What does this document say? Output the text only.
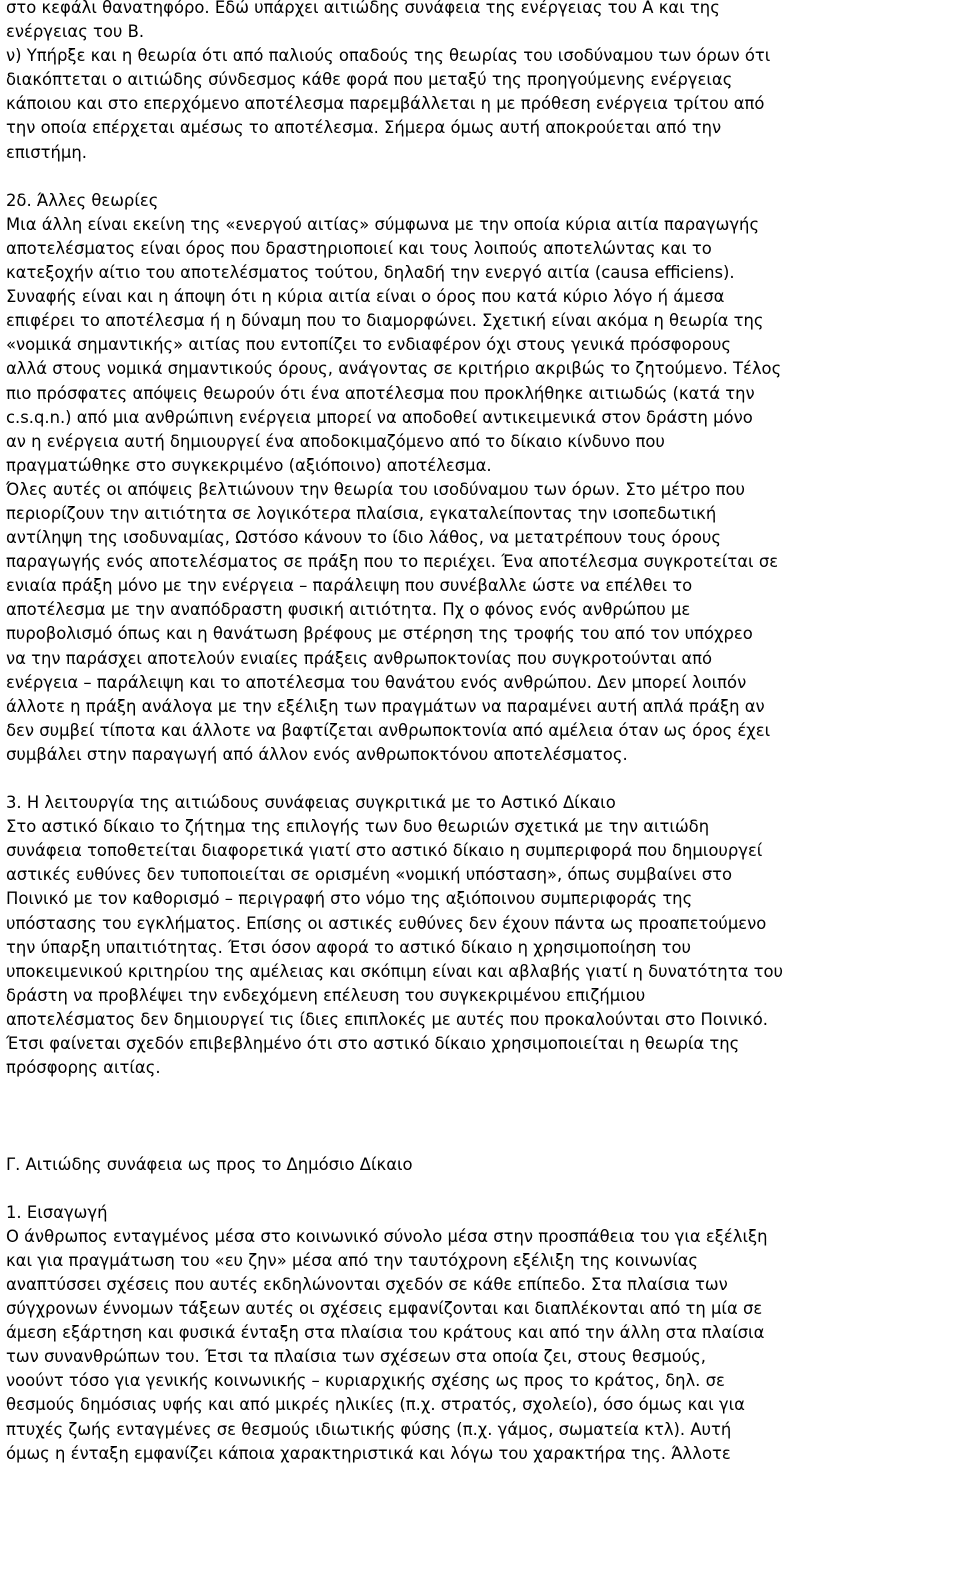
στο κεφάλι θανατηφόρο. Εδώ υπάρχει αιτιώδης συνάφεια της ενέργειας του Α και της
ενέργειας του Β.
ν) Υπήρξε και η θεωρία ότι από παλιούς οπαδούς της θεωρίας του ισοδύναμου των όρων ότι
διακόπτεται ο αιτιώδης σύνδεσμος κάθε φορά που μεταξύ της προηγούμενης ενέργειας
κάποιου και στο επερχόμενο αποτέλεσμα παρεμβάλλεται η με πρόθεση ενέργεια τρίτου από
την οποία επέρχεται αμέσως το αποτέλεσμα. Σήμερα όμως αυτή αποκρούεται από την
επιστήμη.
2δ. Άλλες θεωρίες
Μια άλλη είναι εκείνη της «ενεργού αιτίας» σύμφωνα με την οποία κύρια αιτία παραγωγής
αποτελέσματος είναι όρος που δραστηριοποιεί και τους λοιπούς αποτελώντας και το
κατεξοχήν αίτιο του αποτελέσματος τούτου, δηλαδή την ενεργό αιτία (causa efficiens).
Συναφής είναι και η άποψη ότι η κύρια αιτία είναι ο όρος που κατά κύριο λόγο ή άμεσα
επιφέρει το αποτέλεσμα ή η δύναμη που το διαμορφώνει. Σχετική είναι ακόμα η θεωρία της
«νομικά σημαντικής» αιτίας που εντοπίζει το ενδιαφέρον όχι στους γενικά πρόσφορους
αλλά στους νομικά σημαντικούς όρους, ανάγοντας σε κριτήριο ακριβώς το ζητούμενο. Τέλος
πιο πρόσφατες απόψεις θεωρούν ότι ένα αποτέλεσμα που προκλήθηκε αιτιωδώς (κατά την
c.s.q.n.) από μια ανθρώπινη ενέργεια μπορεί να αποδοθεί αντικειμενικά στον δράστη μόνο
αν η ενέργεια αυτή δημιουργεί ένα αποδοκιμαζόμενο από το δίκαιο κίνδυνο που
πραγματώθηκε στο συγκεκριμένο (αξιόποινο) αποτέλεσμα.
Όλες αυτές οι απόψεις βελτιώνουν την θεωρία του ισοδύναμου των όρων. Στο μέτρο που
περιορίζουν την αιτιότητα σε λογικότερα πλαίσια, εγκαταλείποντας την ισοπεδωτική
αντίληψη της ισοδυναμίας, Ωστόσο κάνουν το ίδιο λάθος, να μετατρέπουν τους όρους
παραγωγής ενός αποτελέσματος σε πράξη που το περιέχει. Ένα αποτέλεσμα συγκροτείται σε
ενιαία πράξη μόνο με την ενέργεια – παράλειψη που συνέβαλλε ώστε να επέλθει το
αποτέλεσμα με την αναπόδραστη φυσική αιτιότητα. Πχ ο φόνος ενός ανθρώπου με
πυροβολισμό όπως και η θανάτωση βρέφους με στέρηση της τροφής του από τον υπόχρεο
να την παράσχει αποτελούν ενιαίες πράξεις ανθρωποκτονίας που συγκροτούνται από
ενέργεια – παράλειψη και το αποτέλεσμα του θανάτου ενός ανθρώπου. Δεν μπορεί λοιπόν
άλλοτε η πράξη ανάλογα με την εξέλιξη των πραγμάτων να παραμένει αυτή απλά πράξη αν
δεν συμβεί τίποτα και άλλοτε να βαφτίζεται ανθρωποκτονία από αμέλεια όταν ως όρος έχει
συμβάλει στην παραγωγή από άλλον ενός ανθρωποκτόνου αποτελέσματος.
3. Η λειτουργία της αιτιώδους συνάφειας συγκριτικά με το Αστικό Δίκαιο
Στο αστικό δίκαιο το ζήτημα της επιλογής των δυο θεωριών σχετικά με την αιτιώδη
συνάφεια τοποθετείται διαφορετικά γιατί στο αστικό δίκαιο η συμπεριφορά που δημιουργεί
αστικές ευθύνες δεν τυποποιείται σε ορισμένη «νομική υπόσταση», όπως συμβαίνει στο
Ποινικό με τον καθορισμό – περιγραφή στο νόμο της αξιόποινου συμπεριφοράς της
υπόστασης του εγκλήματος. Επίσης οι αστικές ευθύνες δεν έχουν πάντα ως προαπετούμενο
την ύπαρξη υπαιτιότητας. Έτσι όσον αφορά το αστικό δίκαιο η χρησιμοποίηση του
υποκειμενικού κριτηρίου της αμέλειας και σκόπιμη είναι και αβλαβής γιατί η δυνατότητα του
δράστη να προβλέψει την ενδεχόμενη επέλευση του συγκεκριμένου επιζήμιου
αποτελέσματος δεν δημιουργεί τις ίδιες επιπλοκές με αυτές που προκαλούνται στο Ποινικό.
Έτσι φαίνεται σχεδόν επιβεβλημένο ότι στο αστικό δίκαιο χρησιμοποιείται η θεωρία της
πρόσφορης αιτίας.
Γ. Αιτιώδης συνάφεια ως προς το Δημόσιο Δίκαιο
1. Εισαγωγή
Ο άνθρωπος ενταγμένος μέσα στο κοινωνικό σύνολο μέσα στην προσπάθεια του για εξέλιξη
και για πραγμάτωση του «ευ ζην» μέσα από την ταυτόχρονη εξέλιξη της κοινωνίας
αναπτύσσει σχέσεις που αυτές εκδηλώνονται σχεδόν σε κάθε επίπεδο. Στα πλαίσια των
σύγχρονων έννομων τάξεων αυτές οι σχέσεις εμφανίζονται και διαπλέκονται από τη μία σε
άμεση εξάρτηση και φυσικά ένταξη στα πλαίσια του κράτους και από την άλλη στα πλαίσια
των συνανθρώπων του. Έτσι τα πλαίσια των σχέσεων στα οποία ζει, στους θεσμούς,
νοούντ τόσο για γενικής κοινωνικής – κυριαρχικής σχέσης ως προς το κράτος, δηλ. σε
θεσμούς δημόσιας υφής και από μικρές ηλικίες (π.χ. στρατός, σχολείο), όσο όμως και για
πτυχές ζωής ενταγμένες σε θεσμούς ιδιωτικής φύσης (π.χ. γάμος, σωματεία κτλ). Αυτή
όμως η ένταξη εμφανίζει κάποια χαρακτηριστικά και λόγω του χαρακτήρα της. Άλλοτε
